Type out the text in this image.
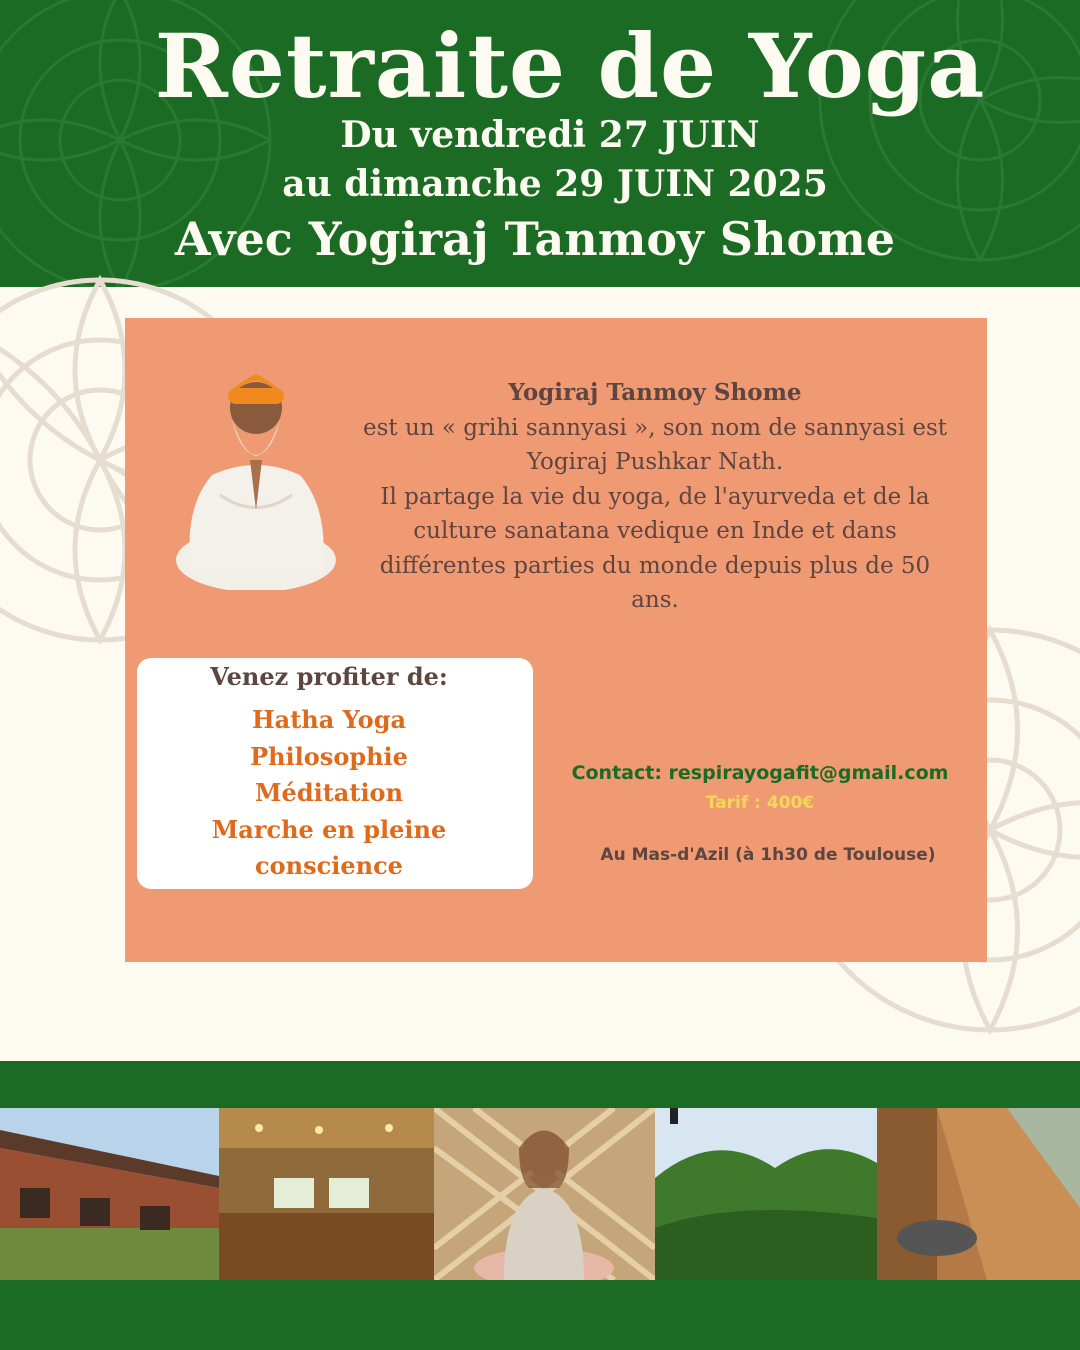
Retraite de Yoga
Du vendredi 27 JUIN
au dimanche 29 JUIN 2025
Avec Yogiraj Tanmoy Shome
Yogiraj Tanmoy Shome
est un « grihi sannyasi », son nom de sannyasi est
Yogiraj Pushkar Nath.
Il partage la vie du yoga, de l'ayurveda et de la
culture sanatana vedique en Inde et dans
différentes parties du monde depuis plus de 50
ans.
Venez profiter de:
Hatha Yoga
Philosophie
Méditation
Marche en pleine conscience
Contact: respirayogafit@gmail.com
Tarif : 400€
Au Mas-d'Azil (à 1h30 de Toulouse)
